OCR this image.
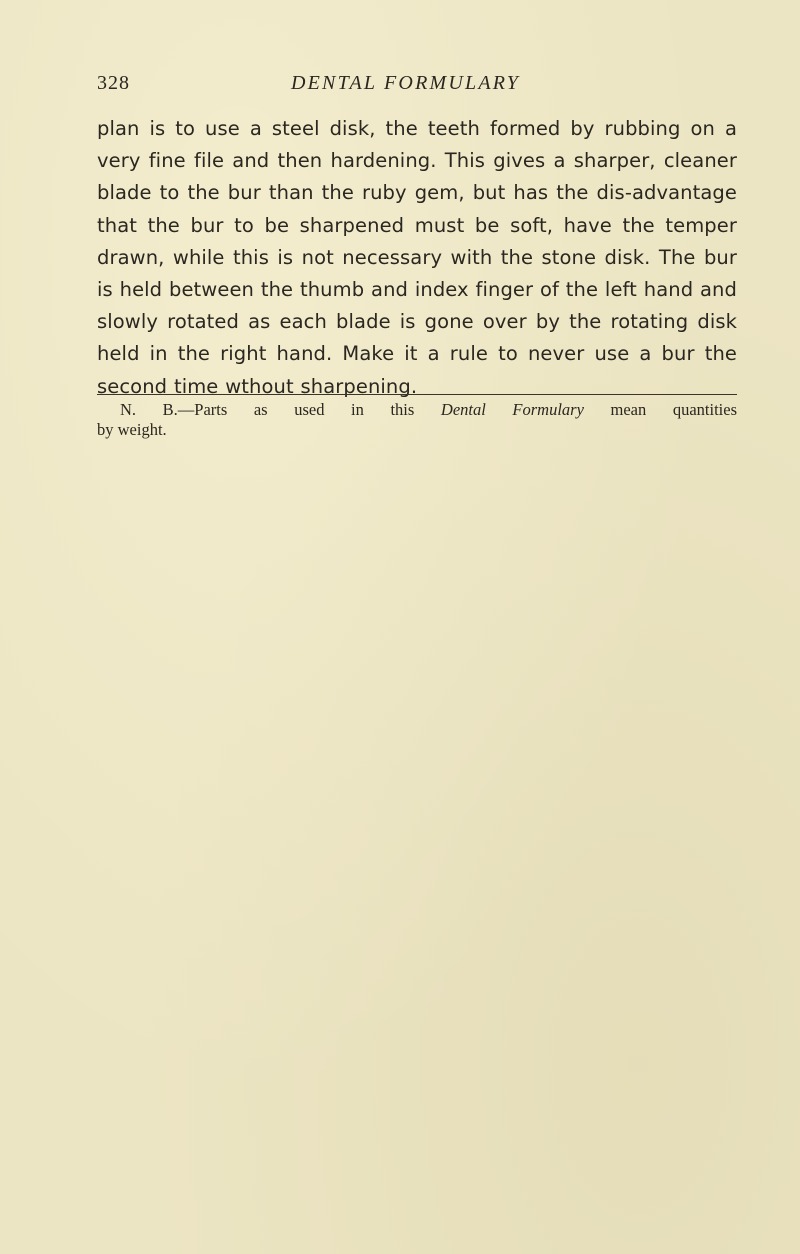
328	DENTAL FORMULARY

plan is to use a steel disk, the teeth formed by rubbing on a very fine file and then hardening. This gives a sharper, cleaner blade to the bur than the ruby gem, but has the dis-advantage that the bur to be sharpened must be soft, have the temper drawn, while this is not necessary with the stone disk. The bur is held between the thumb and index finger of the left hand and slowly rotated as each blade is gone over by the rotating disk held in the right hand. Make it a rule to never use a bur the second time wthout sharpening.

N. B.—Parts as used in this Dental Formulary mean quantities
by weight.
